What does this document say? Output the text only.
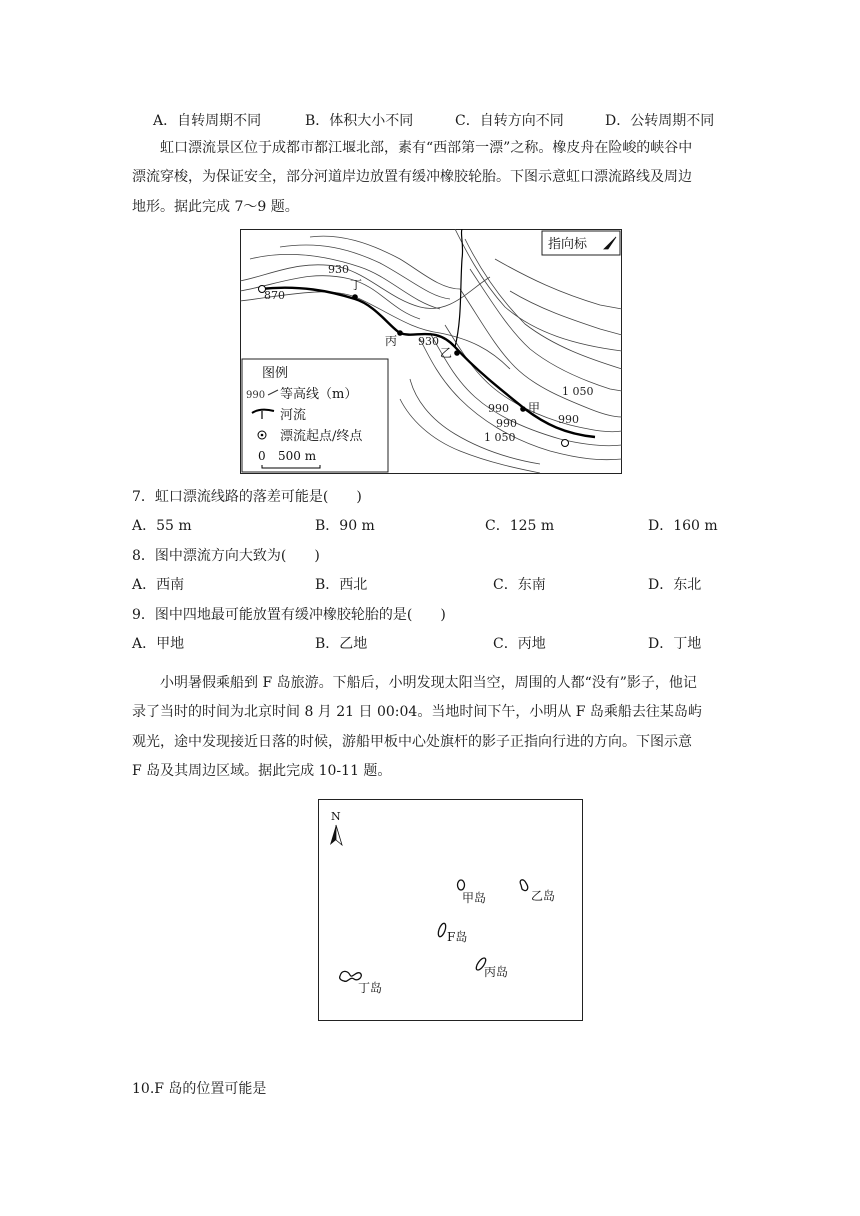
A．自转周期不同	B．体积大小不同	C．自转方向不同	D．公转周期不同
虹口漂流景区位于成都市都江堰北部，素有“西部第一漂”之称。橡皮舟在险峻的峡谷中
漂流穿梭，为保证安全，部分河道岸边放置有缓冲橡胶轮胎。下图示意虹口漂流路线及周边
地形。据此完成 7～9 题。
930
870
930
1 050
990
990
990
1 050
丁
丙
乙
甲
指向标
图例
990 等高线（m）
河流
漂流起点/终点
0 500 m
7．虹口漂流线路的落差可能是(　　)
A．55 m	B．90 m	C．125 m	D．160 m
8．图中漂流方向大致为(　　)
A．西南	B．西北	C．东南	D．东北
9．图中四地最可能放置有缓冲橡胶轮胎的是(　　)
A．甲地	B．乙地	C．丙地	D．丁地
小明暑假乘船到 F 岛旅游。下船后，小明发现太阳当空，周围的人都“没有”影子，他记
录了当时的时间为北京时间 8 月 21 日 00:04。当地时间下午，小明从 F 岛乘船去往某岛屿
观光，途中发现接近日落的时候，游船甲板中心处旗杆的影子正指向行进的方向。下图示意
F 岛及其周边区域。据此完成 10-11 题。
N
甲岛	乙岛
F岛
丙岛
丁岛
10.F 岛的位置可能是
